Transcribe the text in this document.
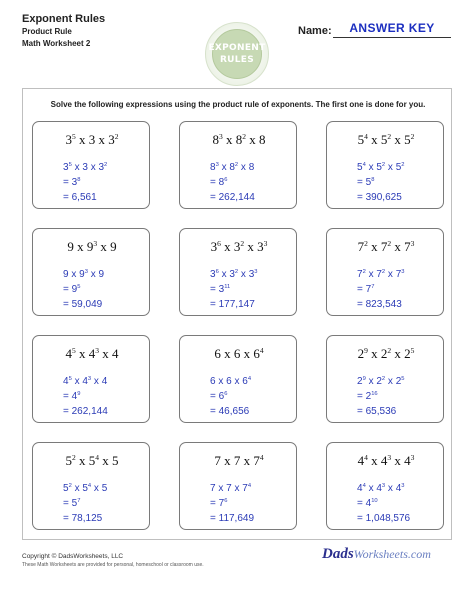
Exponent Rules
Product Rule
Math Worksheet 2	EXPONENT
RULES
Name:	ANSWER KEY
Solve the following expressions using the product rule of exponents. The first one is done for you.
$3^5$ x 3 x $3^2$
$3^5$ x 3 x $3^2$
= $3^8$
= 6,561
$8^3$ x $8^2$ x 8
$8^3$ x $8^2$ x 8
= $8^6$
= 262,144
$5^4$ x $5^2$ x $5^2$
$5^4$ x $5^2$ x $5^2$
= $5^8$
= 390,625
9 x $9^3$ x 9
9 x $9^3$ x 9
= $9^5$
= 59,049
$3^6$ x $3^2$ x $3^3$
$3^6$ x $3^2$ x $3^3$
= $3^{11}$
= 177,147
$7^2$ x $7^2$ x $7^3$
$7^2$ x $7^2$ x $7^3$
= $7^7$
= 823,543
$4^5$ x $4^3$ x 4
$4^5$ x $4^3$ x 4
= $4^9$
= 262,144
6 x 6 x $6^4$
6 x 6 x $6^4$
= $6^6$
= 46,656
$2^9$ x $2^2$ x $2^5$
$2^9$ x $2^2$ x $2^5$
= $2^{16}$
= 65,536
$5^2$ x $5^4$ x 5
$5^2$ x $5^4$ x 5
= $5^7$
= 78,125
7 x 7 x $7^4$
7 x 7 x $7^4$
= $7^6$
= 117,649
$4^4$ x $4^3$ x $4^3$
$4^4$ x $4^3$ x $4^3$
= $4^{10}$
= 1,048,576
Copyright © DadsWorksheets, LLC
These Math Worksheets are provided for personal, homeschool or classroom use.
DadsWorksheets.com
